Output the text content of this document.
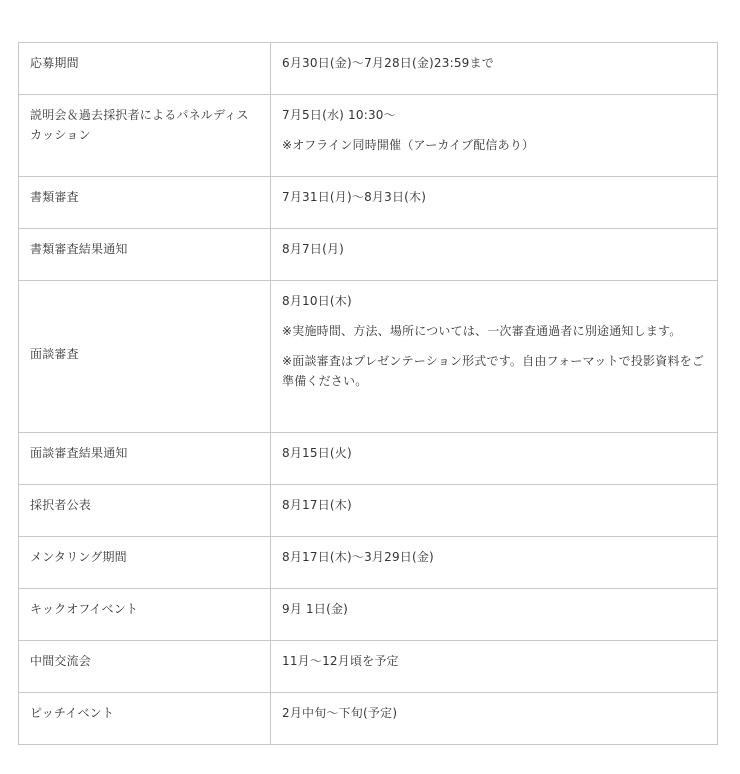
応募期間	6月30日(金)〜7月28日(金)23:59まで

説明会＆過去採択者によるパネルディスカッション	7月5日(水) 10:30〜

※オフライン同時開催（アーカイブ配信あり）

書類審査	7月31日(月)〜8月3日(木)

書類審査結果通知	8月7日(月)

面談審査	8月10日(木)

※実施時間、方法、場所については、一次審査通過者に別途通知します。

※面談審査はプレゼンテーション形式です。自由フォーマットで投影資料をご準備ください。

面談審査結果通知	8月15日(火)

採択者公表	8月17日(木)

メンタリング期間	8月17日(木)〜3月29日(金)

キックオフイベント	9月 1日(金)

中間交流会	11月〜12月頃を予定

ピッチイベント	2月中旬〜下旬(予定)
